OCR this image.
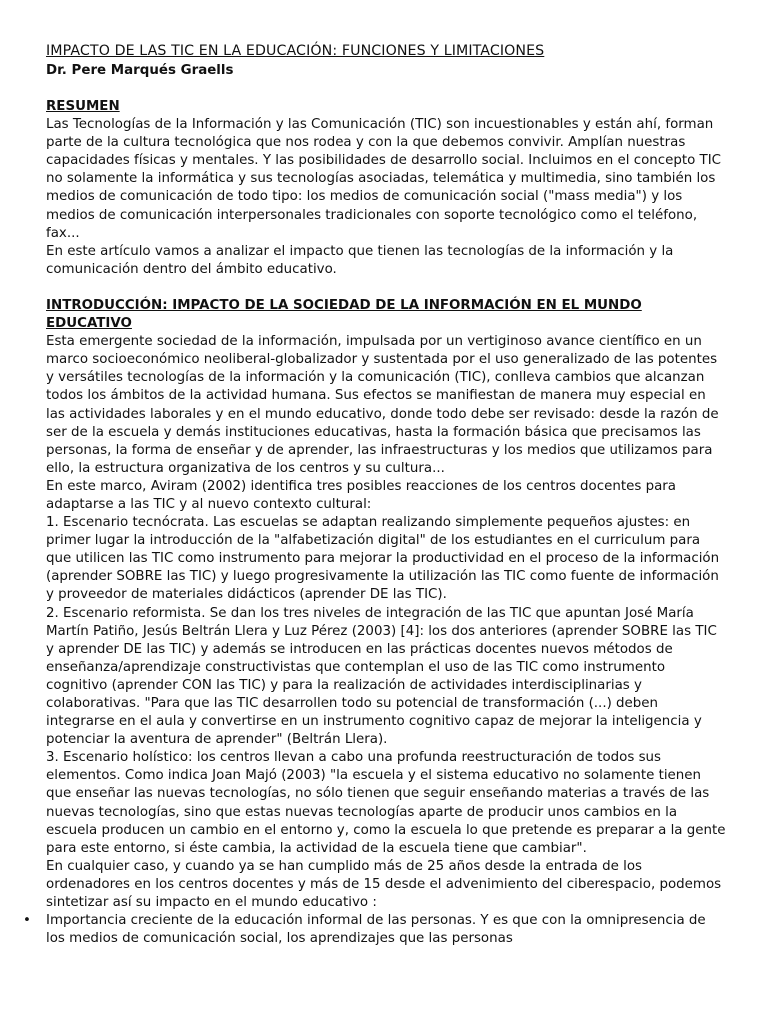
IMPACTO DE LAS TIC EN LA EDUCACIÓN: FUNCIONES Y LIMITACIONES
Dr. Pere Marqués Graells
RESUMEN

Las Tecnologías de la Información y las Comunicación (TIC) son incuestionables y están ahí, forman parte de la cultura tecnológica que nos rodea y con la que debemos convivir. Amplían nuestras capacidades físicas y mentales. Y las posibilidades de desarrollo social. Incluimos en el concepto TIC no solamente la informática y sus tecnologías asociadas, telemática y multimedia, sino también los medios de comunicación de todo tipo: los medios de comunicación social ("mass media") y los medios de comunicación interpersonales tradicionales con soporte tecnológico como el teléfono, fax...

En este artículo vamos a analizar el impacto que tienen las tecnologías de la información y la comunicación dentro del ámbito educativo.

INTRODUCCIÓN: IMPACTO DE LA SOCIEDAD DE LA INFORMACIÓN EN EL MUNDO EDUCATIVO

Esta emergente sociedad de la información, impulsada por un vertiginoso avance científico en un marco socioeconómico neoliberal-globalizador y sustentada por el uso generalizado de las potentes y versátiles tecnologías de la información y la comunicación (TIC), conlleva cambios que alcanzan todos los ámbitos de la actividad humana. Sus efectos se manifiestan de manera muy especial en las actividades laborales y en el mundo educativo, donde todo debe ser revisado: desde la razón de ser de la escuela y demás instituciones educativas, hasta la formación básica que precisamos las personas, la forma de enseñar y de aprender, las infraestructuras y los medios que utilizamos para ello, la estructura organizativa de los centros y su cultura...

En este marco, Aviram (2002) identifica tres posibles reacciones de los centros docentes para adaptarse a las TIC y al nuevo contexto cultural:

1. Escenario tecnócrata. Las escuelas se adaptan realizando simplemente pequeños ajustes: en primer lugar la introducción de la "alfabetización digital" de los estudiantes en el curriculum para que utilicen las TIC como instrumento para mejorar la productividad en el proceso de la información (aprender SOBRE las TIC) y luego progresivamente la utilización las TIC como fuente de información y proveedor de materiales didácticos (aprender DE las TIC).

2. Escenario reformista. Se dan los tres niveles de integración de las TIC que apuntan José María Martín Patiño, Jesús Beltrán Llera y Luz Pérez (2003) [4]: los dos anteriores (aprender SOBRE las TIC y aprender DE las TIC) y además se introducen en las prácticas docentes nuevos métodos de enseñanza/aprendizaje constructivistas que contemplan el uso de las TIC como instrumento cognitivo (aprender CON las TIC) y para la realización de actividades interdisciplinarias y colaborativas. "Para que las TIC desarrollen todo su potencial de transformación (...) deben integrarse en el aula y convertirse en un instrumento cognitivo capaz de mejorar la inteligencia y potenciar la aventura de aprender" (Beltrán Llera).

3. Escenario holístico: los centros llevan a cabo una profunda reestructuración de todos sus elementos. Como indica Joan Majó (2003) "la escuela y el sistema educativo no solamente tienen que enseñar las nuevas tecnologías, no sólo tienen que seguir enseñando materias a través de las nuevas tecnologías, sino que estas nuevas tecnologías aparte de producir unos cambios en la escuela producen un cambio en el entorno y, como la escuela lo que pretende es preparar a la gente para este entorno, si éste cambia, la actividad de la escuela tiene que cambiar".

En cualquier caso, y cuando ya se han cumplido más de 25 años desde la entrada de los ordenadores en los centros docentes y más de 15 desde el advenimiento del ciberespacio, podemos sintetizar así su impacto en el mundo educativo :

• Importancia creciente de la educación informal de las personas. Y es que con la omnipresencia de los medios de comunicación social, los aprendizajes que las personas
